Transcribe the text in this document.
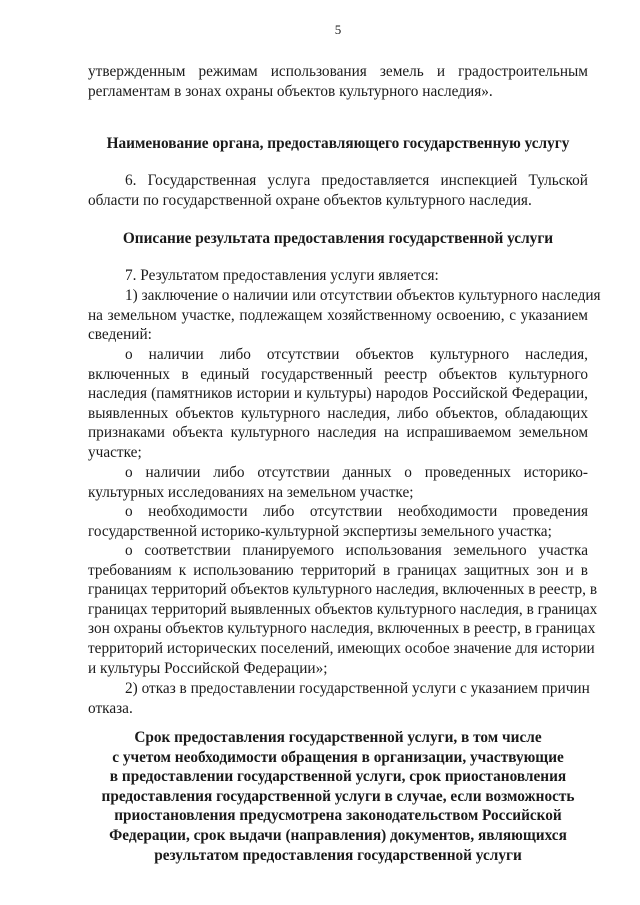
5
утвержденным режимам использования земель и градостроительным
регламентам в зонах охраны объектов культурного наследия».
Наименование органа, предоставляющего государственную услугу
6. Государственная услуга предоставляется инспекцией Тульской
области по государственной охране объектов культурного наследия.
Описание результата предоставления государственной услуги
7. Результатом предоставления услуги является:
1) заключение о наличии или отсутствии объектов культурного наследия
на земельном участке, подлежащем хозяйственному освоению, с указанием
сведений:
о наличии либо отсутствии объектов культурного наследия,
включенных в единый государственный реестр объектов культурного
наследия (памятников истории и культуры) народов Российской Федерации,
выявленных объектов культурного наследия, либо объектов, обладающих
признаками объекта культурного наследия на испрашиваемом земельном
участке;
о наличии либо отсутствии данных о проведенных историко-
культурных исследованиях на земельном участке;
о необходимости либо отсутствии необходимости проведения
государственной историко-культурной экспертизы земельного участка;
о соответствии планируемого использования земельного участка
требованиям к использованию территорий в границах защитных зон и в
границах территорий объектов культурного наследия, включенных в реестр, в
границах территорий выявленных объектов культурного наследия, в границах
зон охраны объектов культурного наследия, включенных в реестр, в границах
территорий исторических поселений, имеющих особое значение для истории
и культуры Российской Федерации»;
2) отказ в предоставлении государственной услуги с указанием причин
отказа.
Срок предоставления государственной услуги, в том числе
с учетом необходимости обращения в организации, участвующие
в предоставлении государственной услуги, срок приостановления
предоставления государственной услуги в случае, если возможность
приостановления предусмотрена законодательством Российской
Федерации, срок выдачи (направления) документов, являющихся
результатом предоставления государственной услуги
